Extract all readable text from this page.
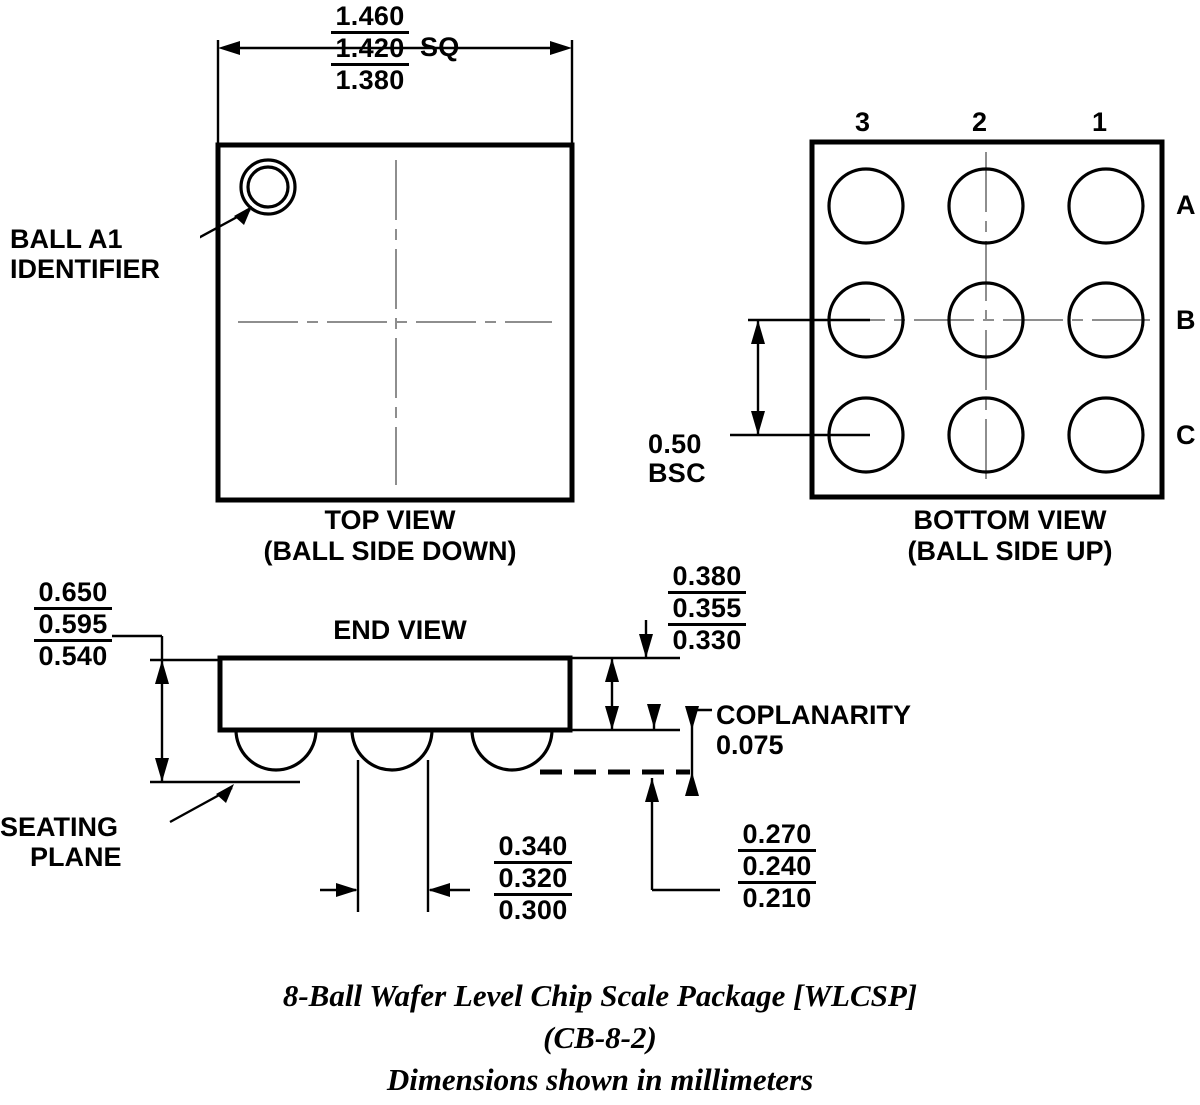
1.460
1.420
1.380
SQ
BALL A1
IDENTIFIER
TOP VIEW
(BALL SIDE DOWN)
3	2	1
A
B
C
0.50
BSC
BOTTOM VIEW
(BALL SIDE UP)
0.650
0.595
0.540
0.380
0.355
0.330
END VIEW
SEATING
PLANE
COPLANARITY
0.075
0.340
0.320
0.300
0.270
0.240
0.210
8-Ball Wafer Level Chip Scale Package [WLCSP]
(CB-8-2)
Dimensions shown in millimeters
